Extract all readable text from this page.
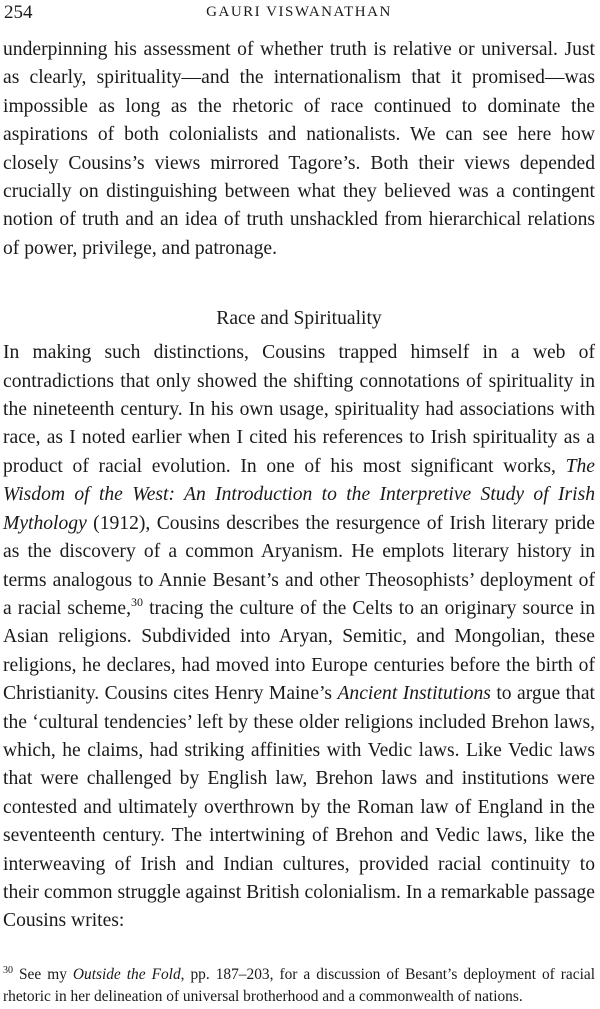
254	GAURI VISWANATHAN

underpinning his assessment of whether truth is relative or universal. Just as clearly, spirituality—and the internationalism that it promised—was impossible as long as the rhetoric of race continued to dominate the aspirations of both colonialists and nationalists. We can see here how closely Cousins’s views mirrored Tagore’s. Both their views depended crucially on distinguishing between what they believed was a contingent notion of truth and an idea of truth unshackled from hierarchical relations of power, privilege, and patronage.

Race and Spirituality

In making such distinctions, Cousins trapped himself in a web of contradictions that only showed the shifting connotations of spirituality in the nineteenth century. In his own usage, spirituality had associations with race, as I noted earlier when I cited his references to Irish spirituality as a product of racial evolution. In one of his most significant works, The Wisdom of the West: An Introduction to the Interpretive Study of Irish Mythology (1912), Cousins describes the resurgence of Irish literary pride as the discovery of a common Aryanism. He emplots literary history in terms analogous to Annie Besant’s and other Theosophists’ deployment of a racial scheme,$^{30}$ tracing the culture of the Celts to an originary source in Asian religions. Subdivided into Aryan, Semitic, and Mongolian, these religions, he declares, had moved into Europe centuries before the birth of Christianity. Cousins cites Henry Maine’s Ancient Institutions to argue that the ‘cultural tendencies’ left by these older religions included Brehon laws, which, he claims, had striking affinities with Vedic laws. Like Vedic laws that were challenged by English law, Brehon laws and institutions were contested and ultimately overthrown by the Roman law of England in the seventeenth century. The intertwining of Brehon and Vedic laws, like the interweaving of Irish and Indian cultures, provided racial continuity to their common struggle against British colonialism. In a remarkable passage Cousins writes:

$^{30}$ See my Outside the Fold, pp. 187–203, for a discussion of Besant’s deployment of racial rhetoric in her delineation of universal brotherhood and a commonwealth of nations.
